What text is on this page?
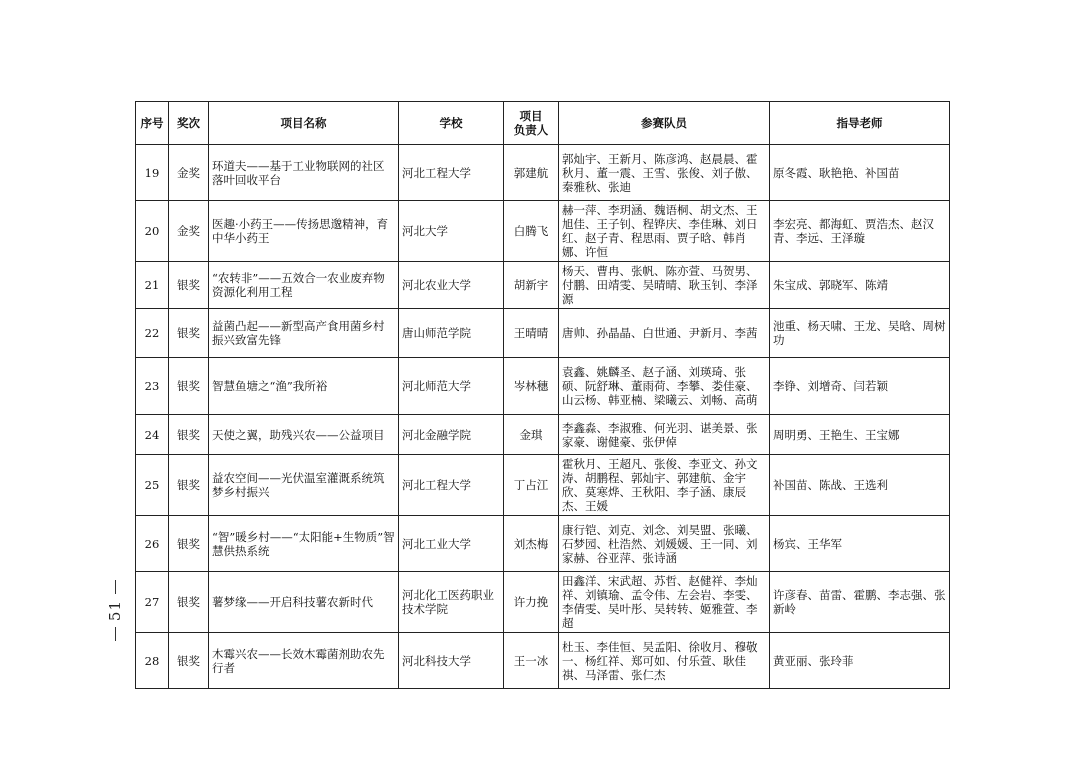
51
序号	奖次	项目名称	学校	项目
负责人	参赛队员	指导老师
19	金奖	环道夫——基于工业物联网的社区落叶回收平台	河北工程大学	郭建航	郭灿宇、王新月、陈彦鸿、赵晨晨、霍秋月、董一震、王雪、张俊、刘子傲、秦雅秋、张迪	原冬霞、耿艳艳、补国苗
20	金奖	医趣·小药王——传扬思邈精神，育中华小药王	河北大学	白腾飞	赫一萍、李玥涵、魏语桐、胡文杰、王旭佳、王子钊、程铧庆、李佳琳、刘日红、赵子青、程思雨、贾子晗、韩肖娜、许恒	李宏亮、都海虹、贾浩杰、赵汉青、李远、王泽璇
21	银奖	“农转非”——五效合一农业废弃物资源化利用工程	河北农业大学	胡新宇	杨天、曹冉、张帆、陈亦萱、马贺男、付鹏、田靖雯、吴晴晴、耿玉钊、李泽源	朱宝成、郭晓军、陈靖
22	银奖	益菌凸起——新型高产食用菌乡村振兴致富先锋	唐山师范学院	王晴晴	唐帅、孙晶晶、白世通、尹新月、李茜	池重、杨天啸、王龙、吴晗、周树功
23	银奖	智慧鱼塘之“渔”我所裕	河北师范大学	岑林穗	袁鑫、姚麟圣、赵子涵、刘瑛琦、张硕、阮舒琳、董雨荷、李攀、娄佳豪、山云杨、韩亚楠、梁曦云、刘畅、高萌	李铮、刘增奇、闫若颖
24	银奖	天使之翼，助残兴农——公益项目	河北金融学院	金琪	李鑫淼、李淑雅、何光羽、谌美景、张家豪、谢健豪、张伊倬	周明勇、王艳生、王宝娜
25	银奖	益农空间——光伏温室灌溉系统筑梦乡村振兴	河北工程大学	丁占江	霍秋月、王超凡、张俊、李亚文、孙文涛、胡鹏程、郭灿宇、郭建航、金宇欣、莫寒烨、王秋阳、李子涵、康辰杰、王媛	补国苗、陈战、王选利
26	银奖	“智”暖乡村——“太阳能+生物质”智慧供热系统	河北工业大学	刘杰梅	康行铠、刘克、刘念、刘昊盟、张曦、石梦园、杜浩然、刘媛媛、王一同、刘家赫、谷亚萍、张诗涵	杨宾、王华军
27	银奖	薯梦缘——开启科技薯农新时代	河北化工医药职业技术学院	许力挽	田鑫洋、宋武超、苏哲、赵健祥、李灿祥、刘镇瑜、孟令伟、左会岩、李雯、李倩雯、吴叶彤、吴转转、姬雅萱、李超	许彦春、苗雷、霍鹏、李志强、张新岭
28	银奖	木霉兴农——长效木霉菌剂助农先行者	河北科技大学	王一冰	杜玉、李佳恒、吴孟阳、徐收月、穆敬一、杨红祥、郑可如、付乐萱、耿佳祺、马泽雷、张仁杰	黄亚丽、张玲菲
